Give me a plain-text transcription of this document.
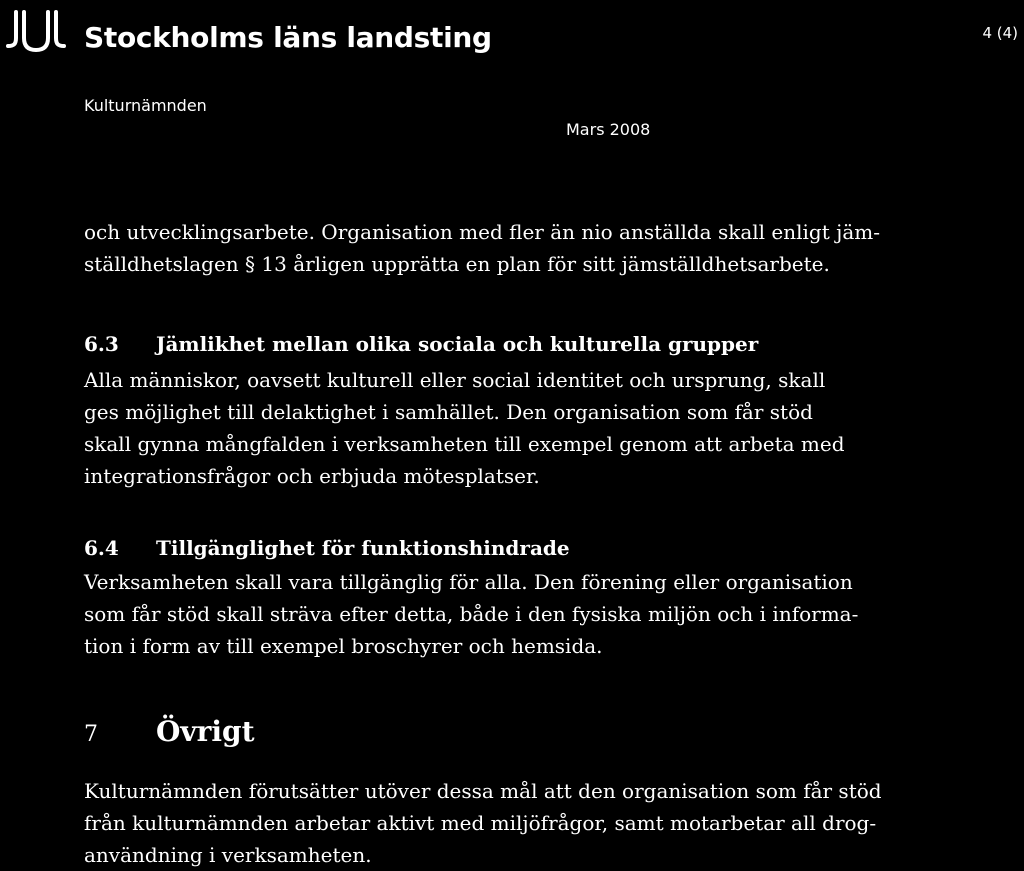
Stockholms läns landsting	4 (4)
Kulturnämnden
Mars 2008

och utvecklingsarbete. Organisation med fler än nio anställda skall enligt jäm-

ställdhetslagen § 13 årligen upprätta en plan för sitt jämställdhetsarbete.

6.3 Jämlikhet mellan olika sociala och kulturella grupper

Alla människor, oavsett kulturell eller social identitet och ursprung, skall

ges möjlighet till delaktighet i samhället. Den organisation som får stöd

skall gynna mångfalden i verksamheten till exempel genom att arbeta med

integrationsfrågor och erbjuda mötesplatser.

6.4 Tillgänglighet för funktionshindrade

Verksamheten skall vara tillgänglig för alla. Den förening eller organisation

som får stöd skall sträva efter detta, både i den fysiska miljön och i informa-

tion i form av till exempel broschyrer och hemsida.

7 Övrigt

Kulturnämnden förutsätter utöver dessa mål att den organisation som får stöd

från kulturnämnden arbetar aktivt med miljöfrågor, samt motarbetar all drog-

användning i verksamheten.
